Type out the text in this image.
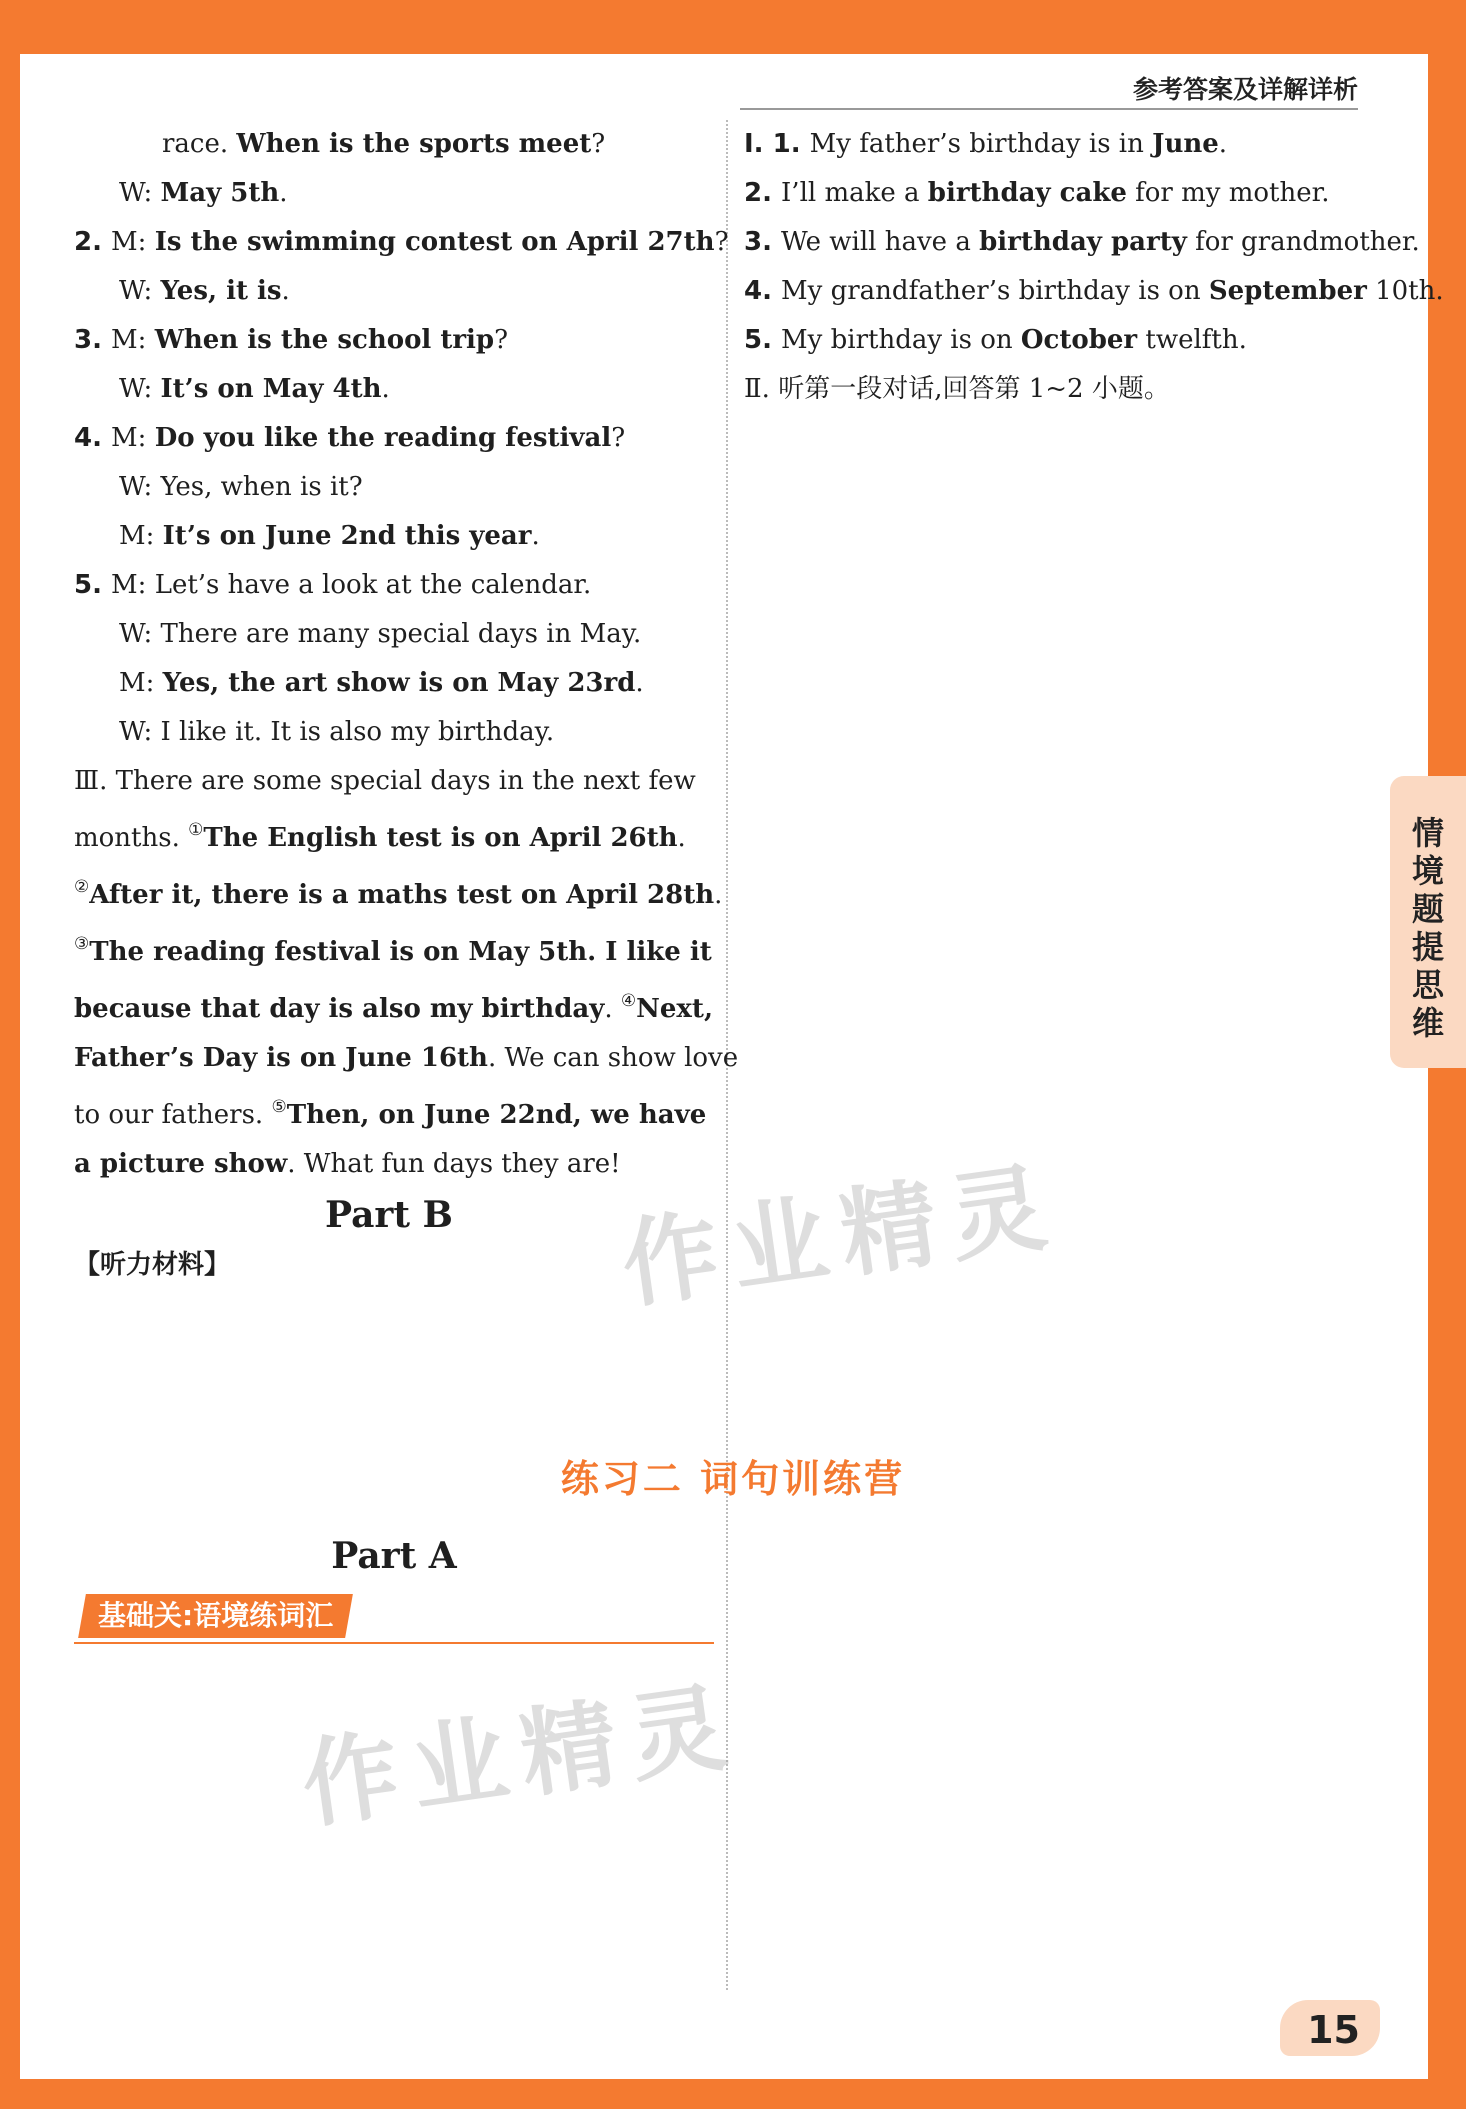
参考答案及详解详析
情境题 提思维
race. When is the sports meet?
W: May 5th.
2. M: Is the swimming contest on April 27th?
W: Yes, it is.
3. M: When is the school trip?
W: It’s on May 4th.
4. M: Do you like the reading festival?
W: Yes, when is it?
M: It’s on June 2nd this year.
5. M: Let’s have a look at the calendar.
W: There are many special days in May.
M: Yes, the art show is on May 23rd.
W: I like it. It is also my birthday.
Ⅲ. There are some special days in the next few
months. ①The English test is on April 26th.
②After it, there is a maths test on April 28th.
③The reading festival is on May 5th. I like it
because that day is also my birthday. ④Next,
Father’s Day is on June 16th. We can show love
to our fathers. ⑤Then, on June 22nd, we have
a picture show. What fun days they are!
Part B
【听力材料】
Ⅰ. 1. My father’s birthday is in June.
2. I’ll make a birthday cake for my mother.
3. We will have a birthday party for grandmother.
4. My grandfather’s birthday is on September 10th.
5. My birthday is on October twelfth.
Ⅱ. 听第一段对话,回答第 1~2 小题。
练习二 词句训练营
Part A
基础关:语境练词汇
作业精灵
作业精灵
15
